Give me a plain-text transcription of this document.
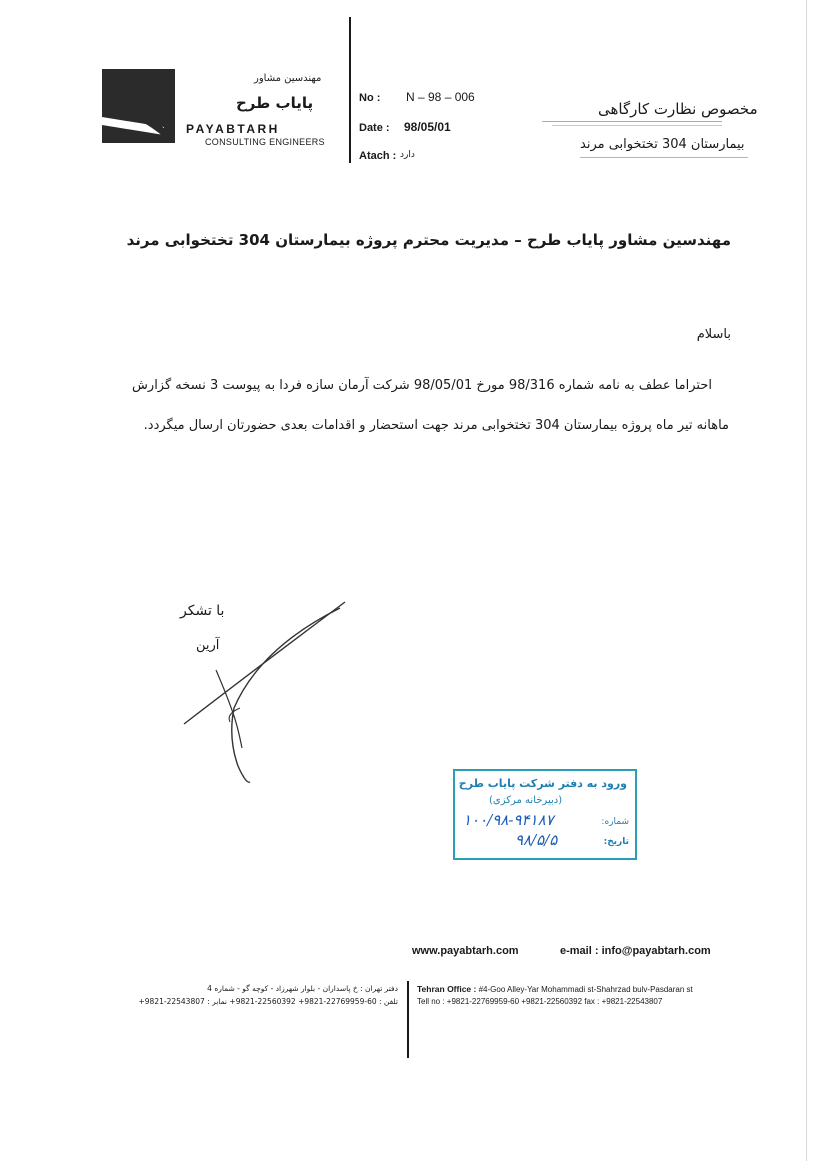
مهندسین مشاور
پایاب طرح
PAYABTARH
CONSULTING ENGINEERS
No : N – 98 – 006
Date : 98/05/01
Atach : دارد
مخصوص نظارت کارگاهی
بیمارستان 304 تختخوابی مرند
مهندسین مشاور پایاب طرح – مدیریت محترم پروژه بیمارستان 304 تختخوابی مرند
باسلام
احتراما عطف به نامه شماره 98/316 مورخ 98/05/01 شرکت آرمان سازه فردا به پیوست 3 نسخه گزارش
ماهانه تیر ماه پروژه بیمارستان 304 تختخوابی مرند جهت استحضار و اقدامات بعدی حضورتان ارسال میگردد.
با تشکر
آرین
ورود به دفتر شرکت پایاب طرح
(دبیرخانه مرکزی)
شماره:
۱۰۰/۹۸-۹۴۱۸۷
تاریخ:
۹۸/۵/۵
www.payabtarh.com	e-mail : info@payabtarh.com
دفتر تهران : خ پاسداران - بلوار شهرزاد - کوچه گو - شماره 4
تلفن : 60-22769959-9821+ 22560392-9821+ نمابر : 22543807-9821+
Tehran Office : #4-Goo Alley-Yar Mohammadi st-Shahrzad bulv-Pasdaran st
Tell no : +9821-22769959-60 +9821-22560392 fax : +9821-22543807
